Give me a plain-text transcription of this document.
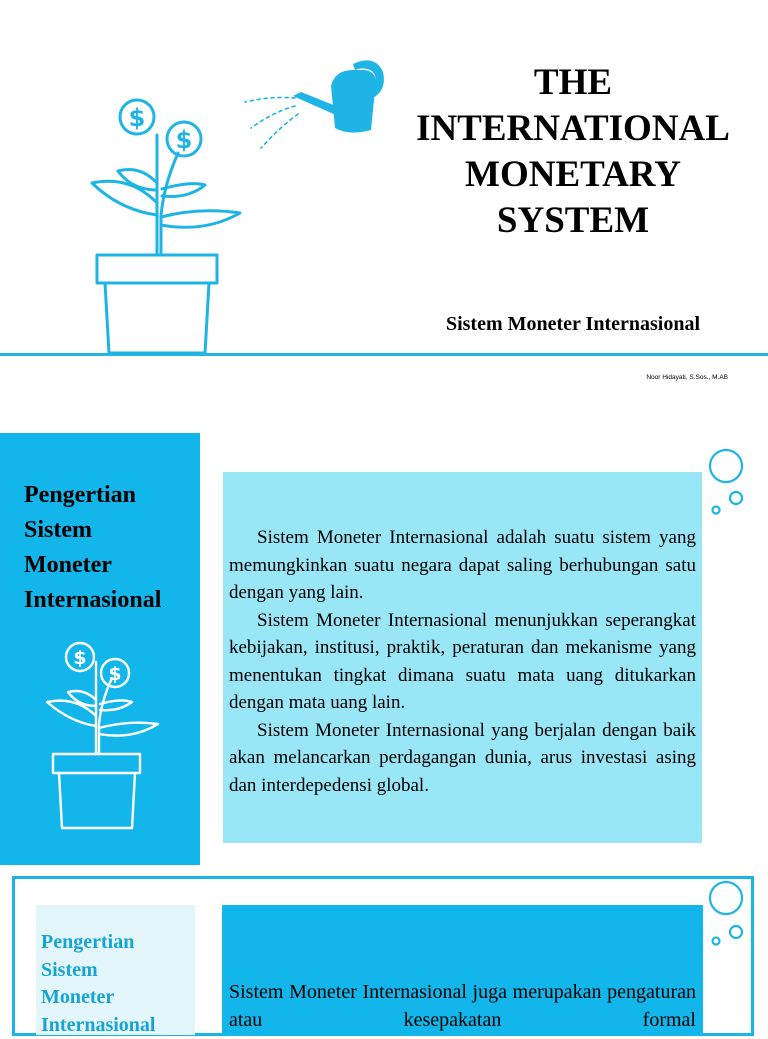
$
$
THE
INTERNATIONAL
MONETARY
SYSTEM
Sistem Moneter Internasional
Noor Hidayati, S.Sos., M.AB
Pengertian
Sistem
Moneter
Internasional
$
$

Sistem Moneter Internasional adalah suatu sistem yang memungkinkan suatu negara dapat saling berhubungan satu dengan yang lain.

Sistem Moneter Internasional menunjukkan seperangkat kebijakan, institusi, praktik, peraturan dan mekanisme yang menentukan tingkat dimana suatu mata uang ditukarkan dengan mata uang lain.

Sistem Moneter Internasional yang berjalan dengan baik akan melancarkan perdagangan dunia, arus investasi asing dan interdepedensi global.

Pengertian
Sistem
Moneter
Internasional
Sistem Moneter Internasional juga merupakan pengaturan atau kesepakatan formal
